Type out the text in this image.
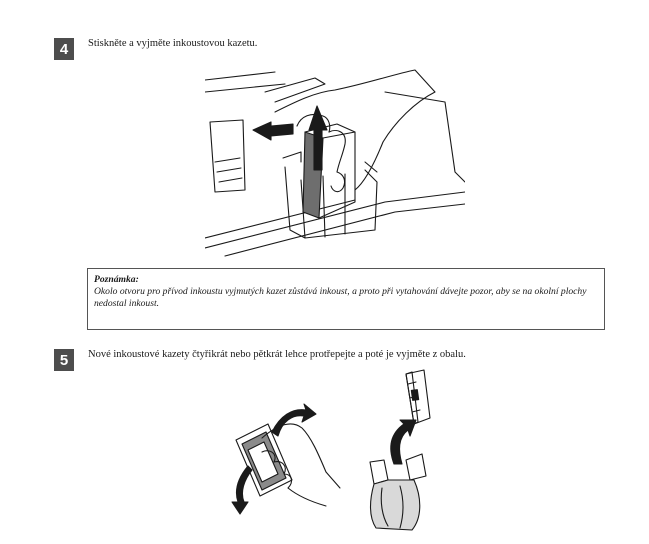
4	Stiskněte a vyjměte inkoustovou kazetu.
Poznámka:
Okolo otvoru pro přívod inkoustu vyjmutých kazet zůstává inkoust, a proto při vytahování dávejte pozor, aby se na okolní plochy nedostal inkoust.
5	Nové inkoustové kazety čtyřikrát nebo pětkrát lehce protřepejte a poté je vyjměte z obalu.
